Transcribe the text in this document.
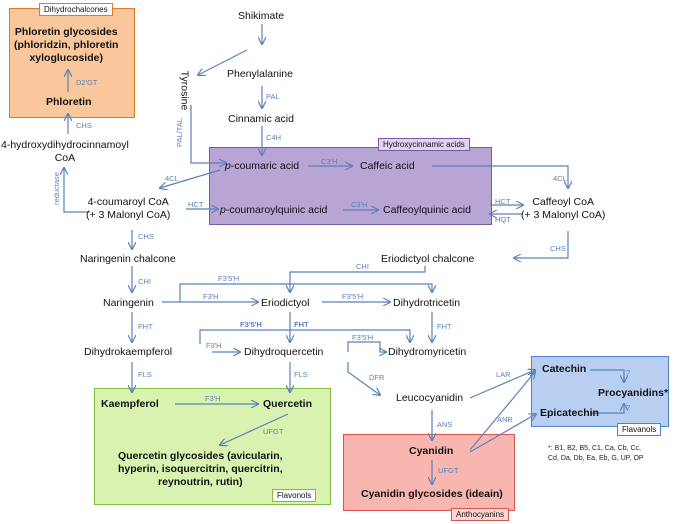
Dihydrochalcones
Hydroxycinnamic acids
Flavonols
Anthocyanins
Flavanols
Shikimate
Phenylalanine
Tyrosine
Cinnamic acid
p-coumaric acid	Caffeic acid
p-coumaroylquinic acid	Caffeoylquinic acid
Caffeoyl CoA
(+ 3 Malonyl CoA)
4-coumaroyl CoA
(+ 3 Malonyl CoA)
4-hydroxydihydrocinnamoyl
CoA
Phloretin
Phloretin glycosides
(phloridzin, phloretin
xyloglucoside)
Naringenin chalcone	Eriodictyol chalcone
Naringenin	Eriodictyol	Dihydrotricetin
Dihydrokaempferol	Dihydroquercetin	Dihydromyricetin
Leucocyanidin
Kaempferol	Quercetin
Quercetin glycosides (avicularin,
hyperin, isoquercitrin, quercitrin,
reynoutrin, rutin)
Cyanidin
Cyanidin glycosides (ideain)
Catechin
Epicatechin
Procyanidins*
PAL
PAL/TAL	C4H
C3'H
C3'H
4CL	4CL
HCT	HCT
HQT
reductase
CHS
D2'GT
CHS
CHS
CHI
CHI
F3'5'H
F3'H	F3'5'H
FHT	F3'5'H	FHT	FHT
F3'H
F3'5'H
FLS	FLS	DFR
F3'H
UFGT
ANS
UFGT
LAR
ANR
?
?
*: B1, B2, B5, C1, Ca, Cb, Cc,
Cd, Da, Db, Ea, Eb, G, UP, OP
